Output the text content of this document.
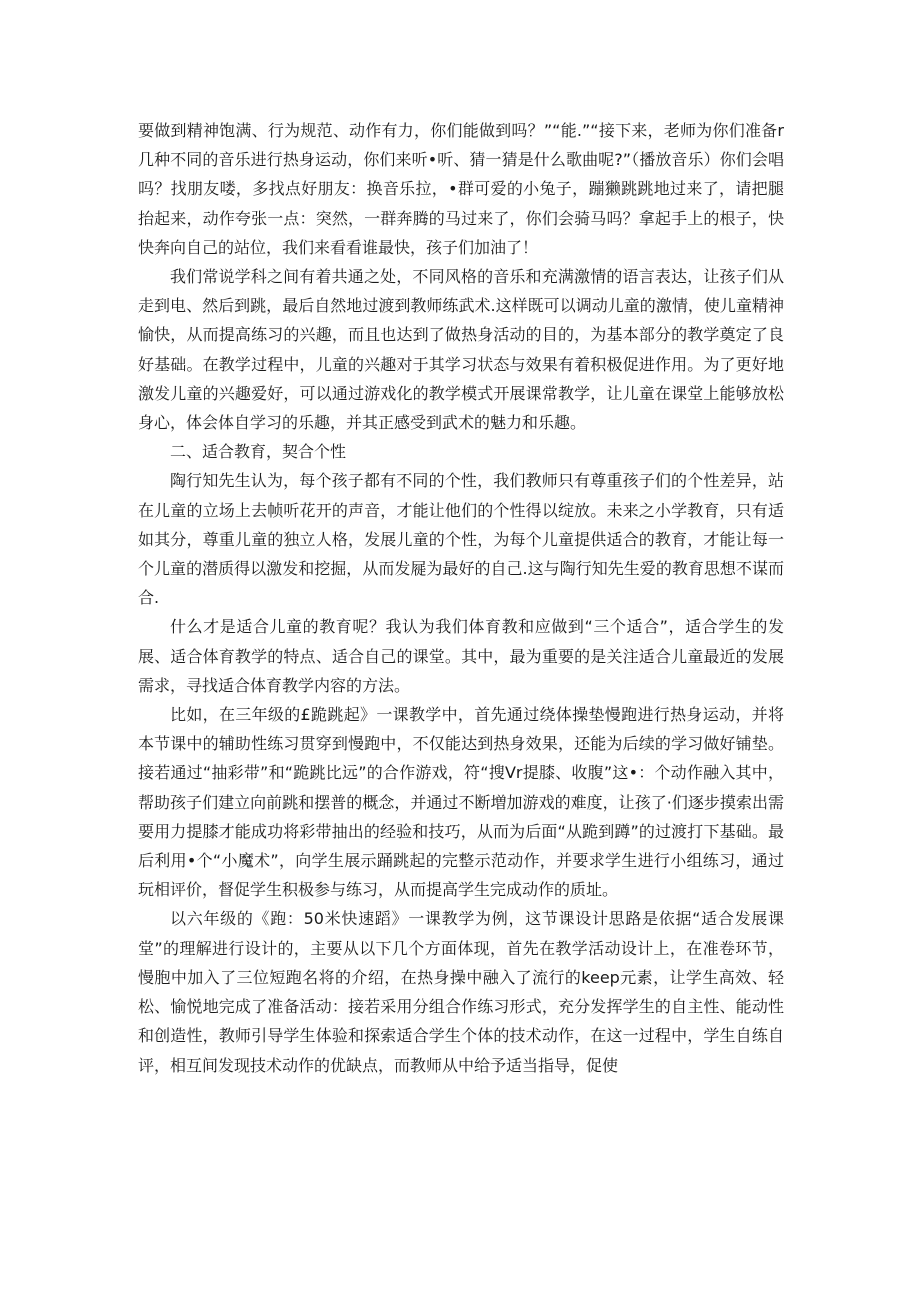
要做到精神饱满、行为规范、动作有力，你们能做到吗？”“能.”“接下来，老师为你们准备r几种不同的音乐进行热身运动，你们来听•听、猜一猜是什么歌曲呢?”（播放音乐）你们会唱吗？找朋友喽，多找点好朋友：换音乐拉，•群可爱的小兔子，蹦獭跳跳地过来了，请把腿抬起来，动作夸张一点：突然，一群奔腾的马过来了，你们会骑马吗？拿起手上的根子，快快奔向自己的站位，我们来看看谁最快，孩子们加油了！

我们常说学科之间有着共通之处，不同风格的音乐和充满激情的语言表达，让孩子们从走到电、然后到跳，最后自然地过渡到教师练武术.这样既可以调动儿童的激情，使儿童精神愉快，从而提高练习的兴趣，而且也达到了做热身活动的目的，为基本部分的教学奠定了良好基础。在教学过程中，儿童的兴趣对于其学习状态与效果有着积极促进作用。为了更好地激发儿童的兴趣爱好，可以通过游戏化的教学模式开展课常教学，让儿童在课堂上能够放松身心，体会体自学习的乐趣，并其正感受到武术的魅力和乐趣。

二、适合教育，契合个性

陶行知先生认为，每个孩子都有不同的个性，我们教师只有尊重孩子们的个性差异，站在儿童的立场上去帧听花开的声音，才能让他们的个性得以绽放。未来之小学教育，只有适如其分，尊重儿童的独立人格，发展儿童的个性，为每个儿童提供适合的教育，才能让每一个儿童的潜质得以激发和挖掘，从而发屣为最好的自己.这与陶行知先生爱的教育思想不谋而合.

什么才是适合儿童的教育呢？我认为我们体育教和应做到“三个适合”，适合学生的发展、适合体育教学的特点、适合自己的课堂。其中，最为重要的是关注适合儿童最近的发展需求，寻找适合体育教学内容的方法。

比如，在三年级的£跪跳起》一课教学中，首先通过绕体操垫慢跑进行热身运动，并将本节课中的辅助性练习贯穿到慢跑中，不仅能达到热身效果，还能为后续的学习做好铺垫。接若通过“抽彩带”和“跪跳比远”的合作游戏，符“搜Vr提膝、收腹”这•：个动作融入其中，帮助孩子们建立向前跳和摆普的概念，并通过不断増加游戏的难度，让孩了·们逐步摸索出需要用力提膝才能成功将彩带抽出的经验和技巧，从而为后面“从跪到蹲”的过渡打下基础。最后利用•个“小魔术”，向学生展示踊跳起的完整示范动作，并要求学生进行小组练习，通过玩相评价，督促学生积极参与练习，从而提高学生完成动作的质址。

以六年级的《跑：50米快速蹈》一课教学为例，这节课设计思路是依据“适合发展课堂”的理解进行设计的，主要从以下几个方面体现，首先在教学活动设计上，在准卷环节，慢胞中加入了三位短跑名将的介绍，在热身操中融入了流行的keep元素，让学生高效、轻松、愉悦地完成了准备活动：接若采用分组合作练习形式，充分发挥学生的自主性、能动性和创造性，教师引导学生体验和探索适合学生个体的技术动作，在这一过程中，学生自练自评，相互间发现技术动作的优缺点，而教师从中给予适当指导，促使
